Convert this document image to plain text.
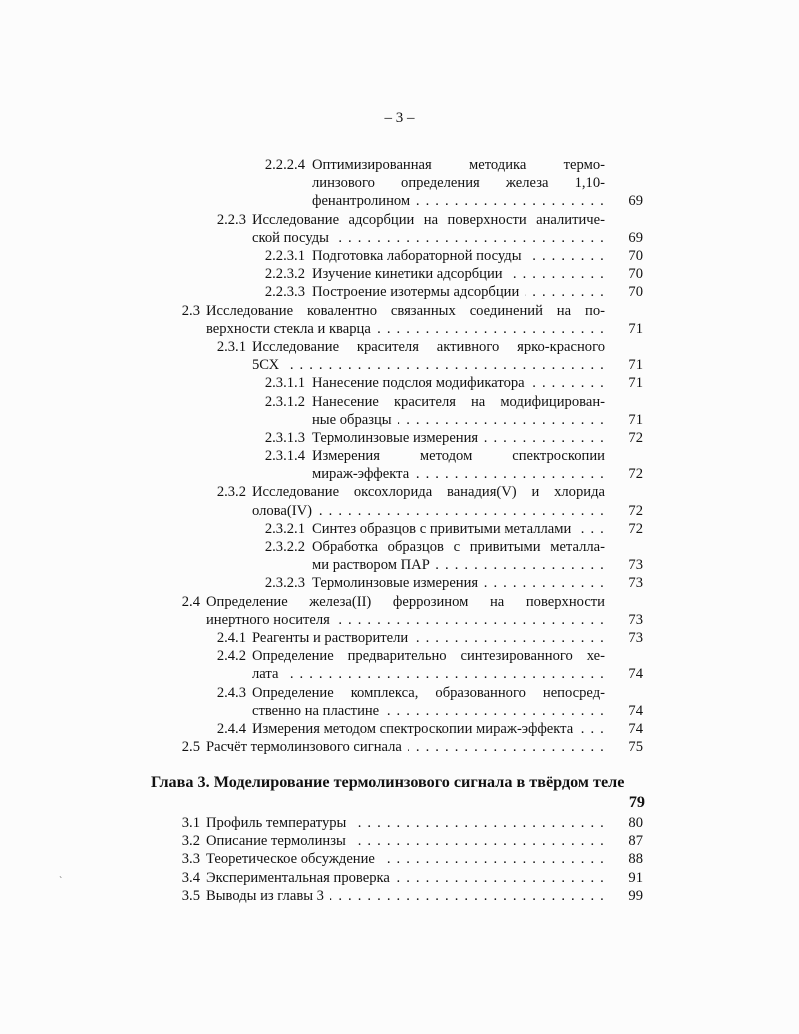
– 3 –
2.2.2.4 Оптимизированная методика термо-
линзового определения железа 1,10-
. . . фенантролином	69
2.2.3 Исследование адсорбции на поверхности аналитиче-
. . . ской посуды	69
2.2.3.1 . . . Подготовка лабораторной посуды	70
2.2.3.2 . . . Изучение кинетики адсорбции	70
2.2.3.3 . . . Построение изотермы адсорбции	70
2.3 Исследование ковалентно связанных соединений на по-
. . . верхности стекла и кварца	71
2.3.1 Исследование красителя активного ярко-красного
. . . 5СХ	71
2.3.1.1 . . . Нанесение подслоя модификатора	71
2.3.1.2 Нанесение красителя на модифицирован-
. . . ные образцы	71
2.3.1.3 . . . Термолинзовые измерения	72
2.3.1.4 Измерения методом спектроскопии
. . . мираж-эффекта	72
2.3.2 Исследование оксохлорида ванадия(V) и хлорида
. . . олова(IV)	72
2.3.2.1 . . . Синтез образцов с привитыми металлами	72
2.3.2.2 Обработка образцов с привитыми металла-
. . . ми раствором ПАР	73
2.3.2.3 . . . Термолинзовые измерения	73
2.4 Определение железа(II) феррозином на поверхности
. . . инертного носителя	73
2.4.1 . . . Реагенты и растворители	73
2.4.2 Определение предварительно синтезированного хе-
. . . лата	74
2.4.3 Определение комплекса, образованного непосред-
. . . ственно на пластине	74
2.4.4 . . . Измерения методом спектроскопии мираж-эффекта	74
2.5 . . . Расчёт термолинзового сигнала	75
Глава 3. Моделирование термолинзового сигнала в твёрдом теле
79
3.1 . . . Профиль температуры	80
3.2 . . . Описание термолинзы	87
3.3 . . . Теоретическое обсуждение	88
3.4 . . . Экспериментальная проверка	91
3.5 . . . Выводы из главы 3	99
`
